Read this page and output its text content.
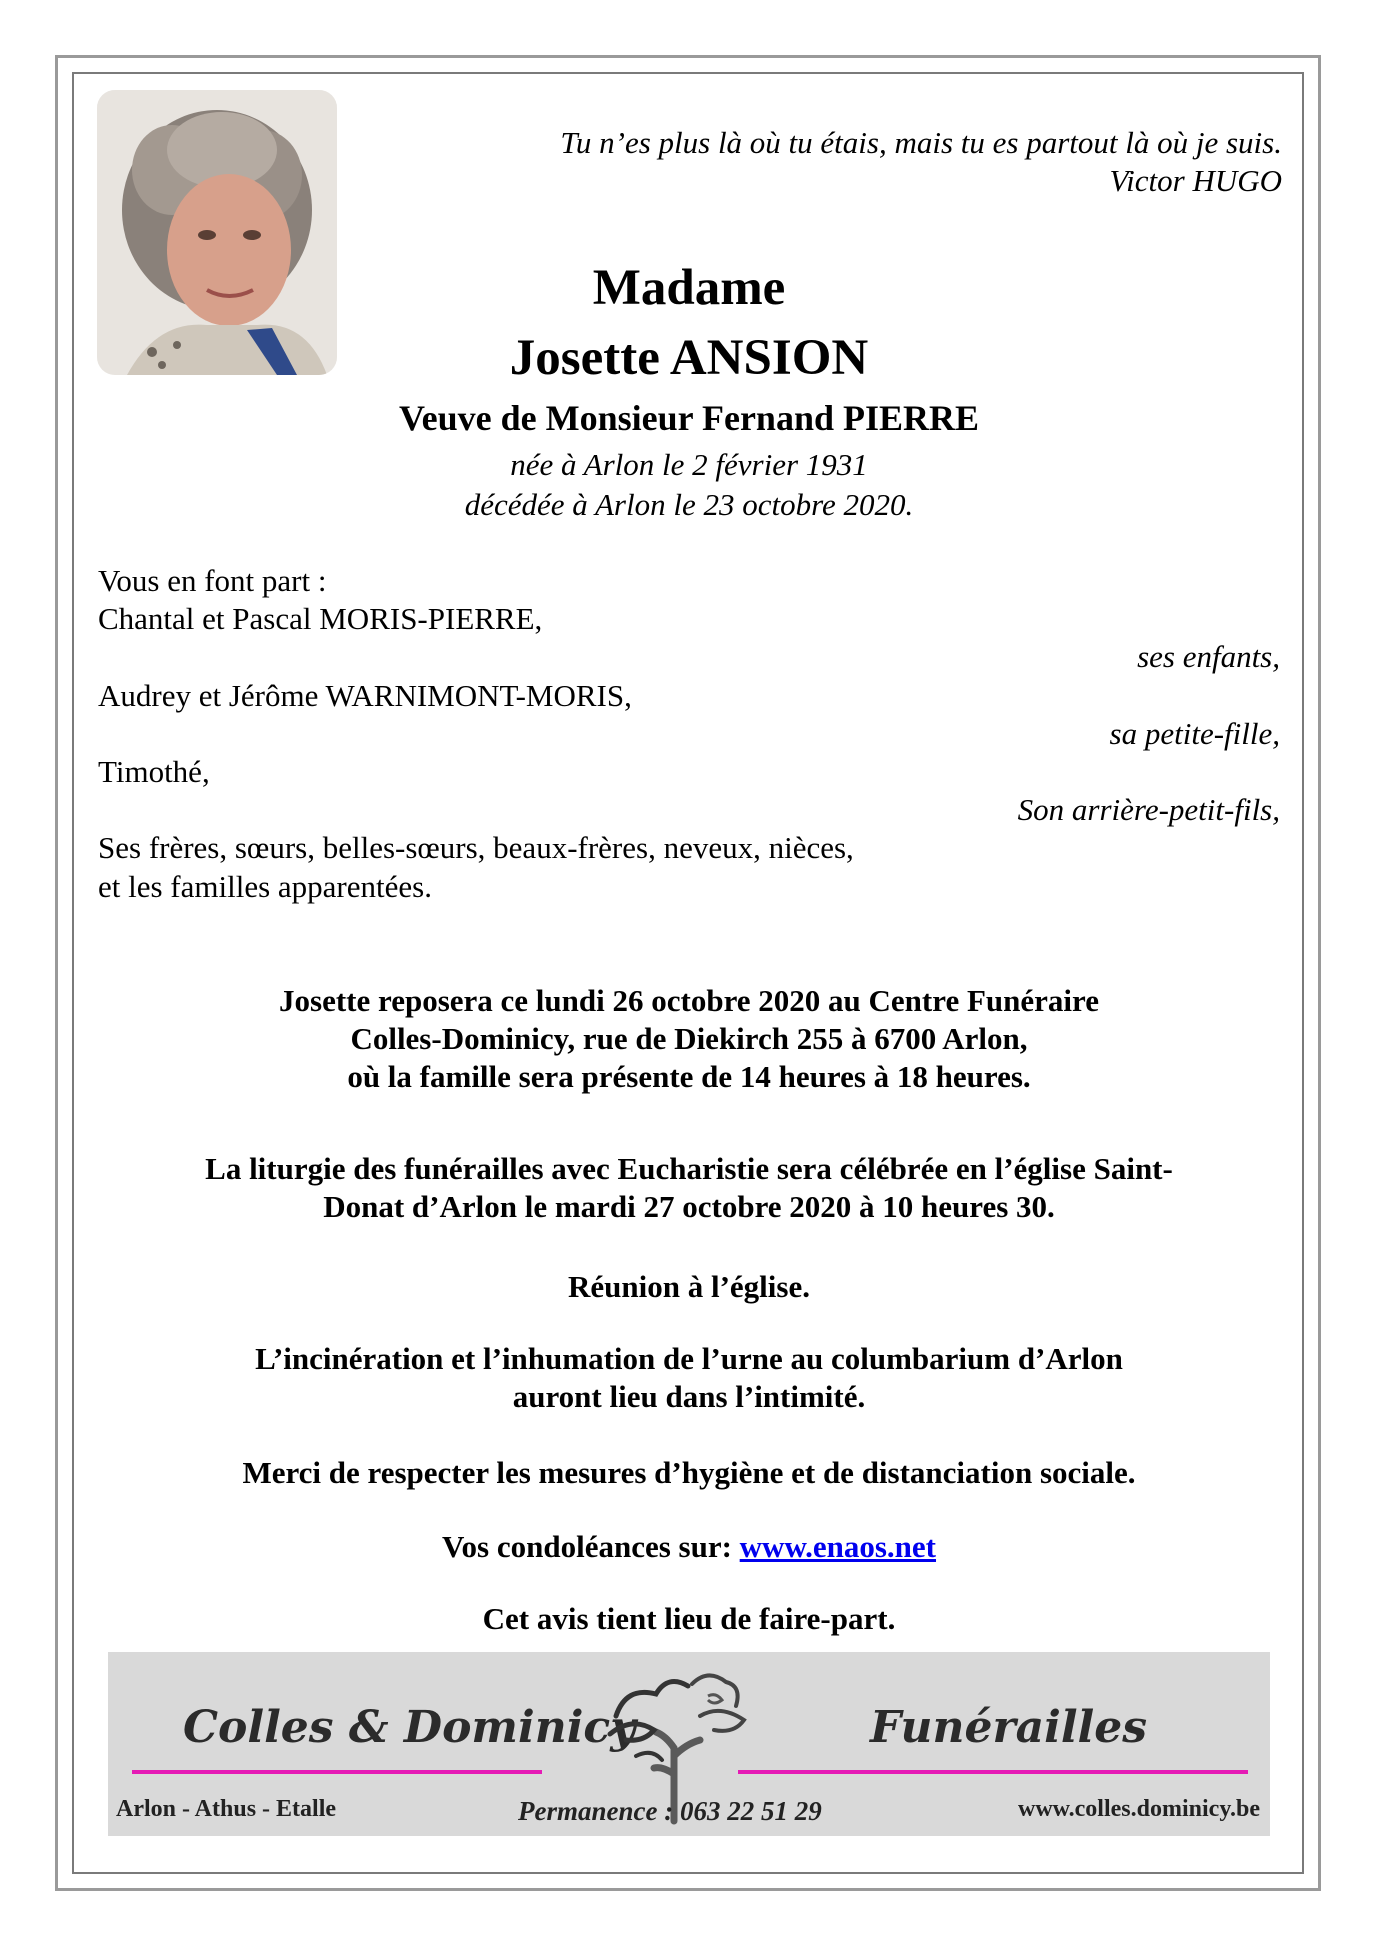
Tu n’es plus là où tu étais, mais tu es partout là où je suis.
Victor HUGO
Madame
Josette ANSION
Veuve de Monsieur Fernand PIERRE
née à Arlon le 2 février 1931
décédée à Arlon le 23 octobre 2020.
Vous en font part :
Chantal et Pascal MORIS-PIERRE,
ses enfants,
Audrey et Jérôme WARNIMONT-MORIS,
sa petite-fille,
Timothé,
Son arrière-petit-fils,
Ses frères, sœurs, belles-sœurs, beaux-frères, neveux, nièces,
et les familles apparentées.
Josette reposera ce lundi 26 octobre 2020 au Centre Funéraire
Colles-Dominicy, rue de Diekirch 255 à 6700 Arlon,
où la famille sera présente de 14 heures à 18 heures.
La liturgie des funérailles avec Eucharistie sera célébrée en l’église Saint-
Donat d’Arlon le mardi 27 octobre 2020 à 10 heures 30.
Réunion à l’église.
L’incinération et l’inhumation de l’urne au columbarium d’Arlon
auront lieu dans l’intimité.
Merci de respecter les mesures d’hygiène et de distanciation sociale.
Vos condoléances sur: www.enaos.net
Cet avis tient lieu de faire-part.
Colles & Dominicy	Funérailles
Arlon - Athus - Etalle	Permanence : 063 22 51 29	www.colles.dominicy.be
